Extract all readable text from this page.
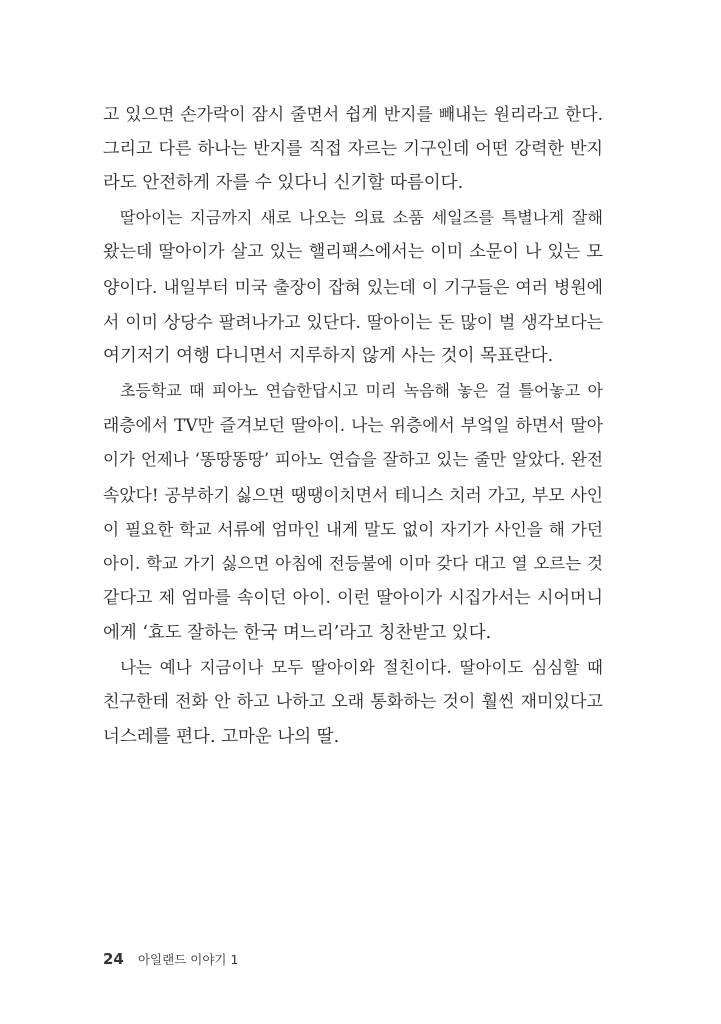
고 있으면 손가락이 잠시 줄면서 쉽게 반지를 빼내는 원리라고 한다.
그리고 다른 하나는 반지를 직접 자르는 기구인데 어떤 강력한 반지
라도 안전하게 자를 수 있다니 신기할 따름이다.
딸아이는 지금까지 새로 나오는 의료 소품 세일즈를 특별나게 잘해
왔는데 딸아이가 살고 있는 핼리팩스에서는 이미 소문이 나 있는 모
양이다. 내일부터 미국 출장이 잡혀 있는데 이 기구들은 여러 병원에
서 이미 상당수 팔려나가고 있단다. 딸아이는 돈 많이 벌 생각보다는
여기저기 여행 다니면서 지루하지 않게 사는 것이 목표란다.
초등학교 때 피아노 연습한답시고 미리 녹음해 놓은 걸 틀어놓고 아
래층에서 TV만 즐겨보던 딸아이. 나는 위층에서 부엌일 하면서 딸아
이가 언제나 ‘똥땅똥땅’ 피아노 연습을 잘하고 있는 줄만 알았다. 완전
속았다! 공부하기 싫으면 땡땡이치면서 테니스 치러 가고, 부모 사인
이 필요한 학교 서류에 엄마인 내게 말도 없이 자기가 사인을 해 가던
아이. 학교 가기 싫으면 아침에 전등불에 이마 갖다 대고 열 오르는 것
같다고 제 엄마를 속이던 아이. 이런 딸아이가 시집가서는 시어머니
에게 ‘효도 잘하는 한국 며느리’라고 칭찬받고 있다.
나는 예나 지금이나 모두 딸아이와 절친이다. 딸아이도 심심할 때
친구한테 전화 안 하고 나하고 오래 통화하는 것이 훨씬 재미있다고
너스레를 편다. 고마운 나의 딸.
24 아일랜드 이야기 1
